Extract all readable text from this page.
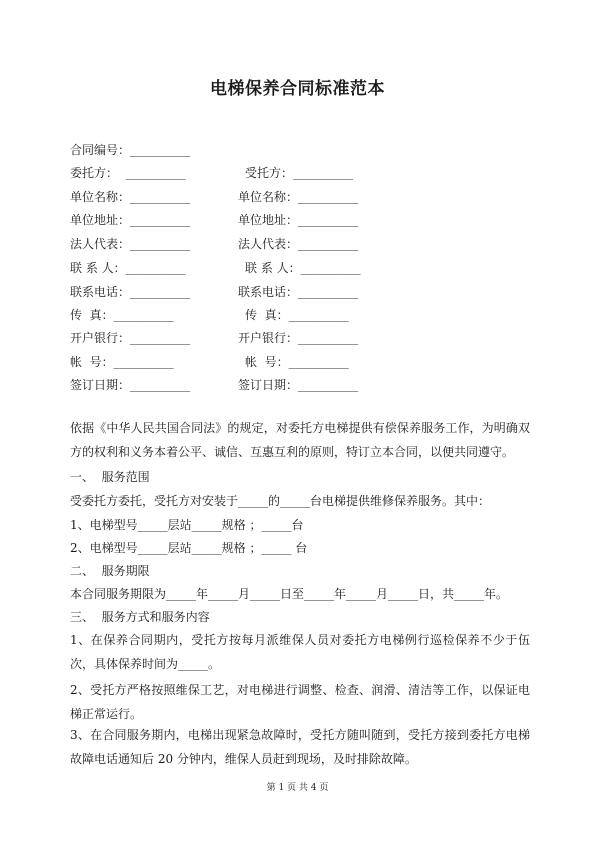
电梯保养合同标准范本
合同编号：__________
委托方：  __________
单位名称：__________
单位地址：__________
法人代表：__________
联 系 人：__________
联系电话：__________
传  真：__________
开户银行：__________
帐  号：__________
签订日期：__________
受托方：__________
单位名称：__________
单位地址：__________
法人代表：__________
联 系 人：__________
联系电话：__________
传  真：__________
开户银行：__________
帐  号：__________
签订日期：__________
依据《中华人民共国合同法》的规定，对委托方电梯提供有偿保养服务工作，为明确双方的权利和义务本着公平、诚信、互惠互利的原则，特订立本合同，以便共同遵守。
一、  服务范围
受委托方委托，受托方对安装于_____的_____台电梯提供维修保养服务。其中：
1、电梯型号_____层站_____规格 ；_____台
2、电梯型号_____层站_____规格 ；_____ 台
二、  服务期限
本合同服务期限为_____年_____月_____日至_____年_____月_____日，共_____年。
三、  服务方式和服务内容
1、在保养合同期内，受托方按每月派维保人员对委托方电梯例行巡检保养不少于伍次，具体保养时间为_____。
2、受托方严格按照维保工艺，对电梯进行调整、检查、润滑、清洁等工作，以保证电梯正常运行。
3、在合同服务期内，电梯出现紧急故障时，受托方随叫随到，受托方接到委托方电梯故障电话通知后 20 分钟内，维保人员赶到现场，及时排除故障。
第 1 页 共 4 页
